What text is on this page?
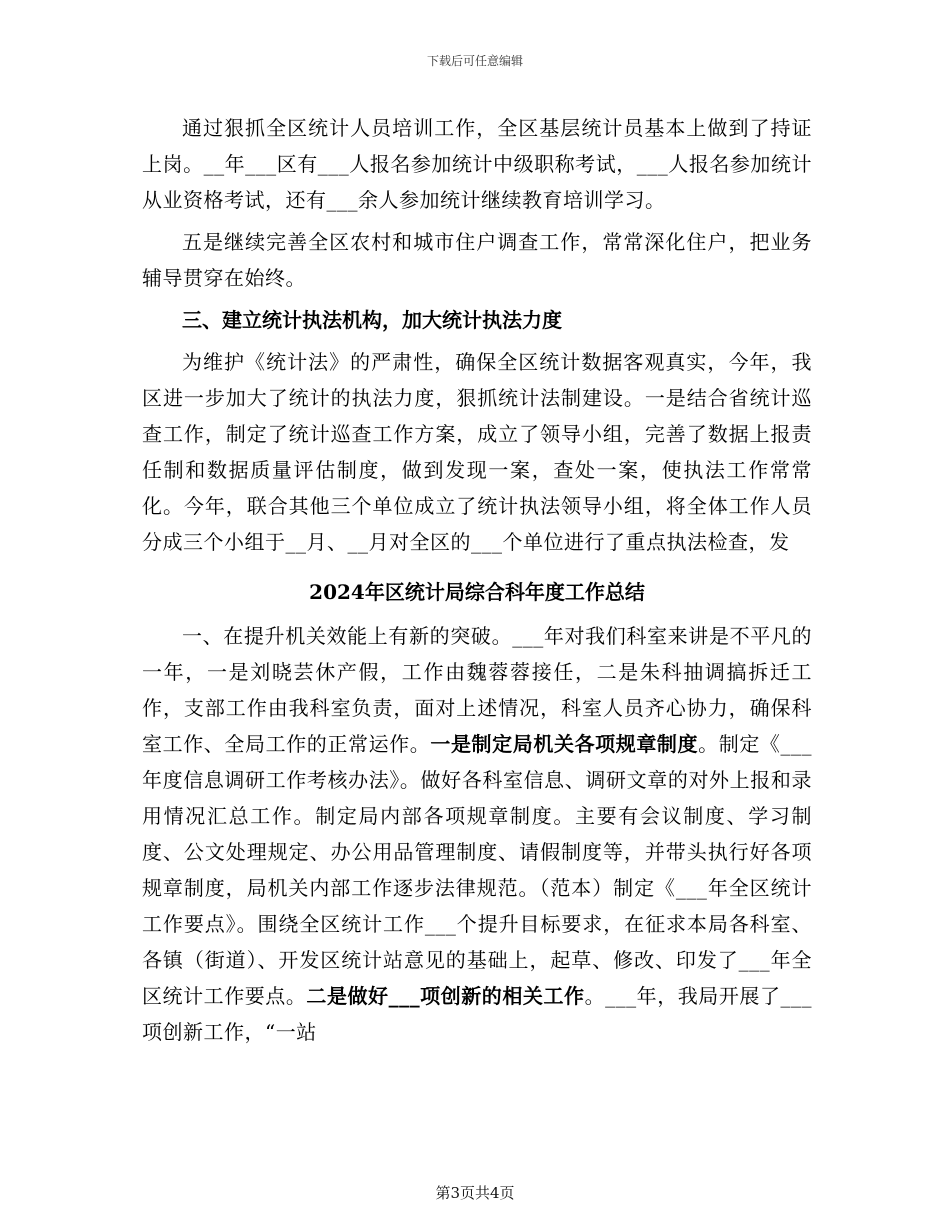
下载后可任意编辑

通过狠抓全区统计人员培训工作，全区基层统计员基本上做到了持证上岗。__年___区有___人报名参加统计中级职称考试，___人报名参加统计从业资格考试，还有___余人参加统计继续教育培训学习。

五是继续完善全区农村和城市住户调查工作，常常深化住户，把业务辅导贯穿在始终。

三、建立统计执法机构，加大统计执法力度

为维护《统计法》的严肃性，确保全区统计数据客观真实，今年，我区进一步加大了统计的执法力度，狠抓统计法制建设。一是结合省统计巡查工作，制定了统计巡查工作方案，成立了领导小组，完善了数据上报责任制和数据质量评估制度，做到发现一案，查处一案，使执法工作常常化。今年，联合其他三个单位成立了统计执法领导小组，将全体工作人员分成三个小组于__月、__月对全区的___个单位进行了重点执法检查，发

2024年区统计局综合科年度工作总结

一、在提升机关效能上有新的突破。___年对我们科室来讲是不平凡的一年，一是刘晓芸休产假，工作由魏蓉蓉接任，二是朱科抽调搞拆迁工作，支部工作由我科室负责，面对上述情况，科室人员齐心协力，确保科室工作、全局工作的正常运作。一是制定局机关各项规章制度。制定《___年度信息调研工作考核办法》。做好各科室信息、调研文章的对外上报和录用情况汇总工作。制定局内部各项规章制度。主要有会议制度、学习制度、公文处理规定、办公用品管理制度、请假制度等，并带头执行好各项规章制度，局机关内部工作逐步法律规范。（范本）制定《___年全区统计工作要点》。围绕全区统计工作___个提升目标要求，在征求本局各科室、各镇（街道）、开发区统计站意见的基础上，起草、修改、印发了___年全区统计工作要点。二是做好___项创新的相关工作。___年，我局开展了___项创新工作，“一站

第3页共4页
